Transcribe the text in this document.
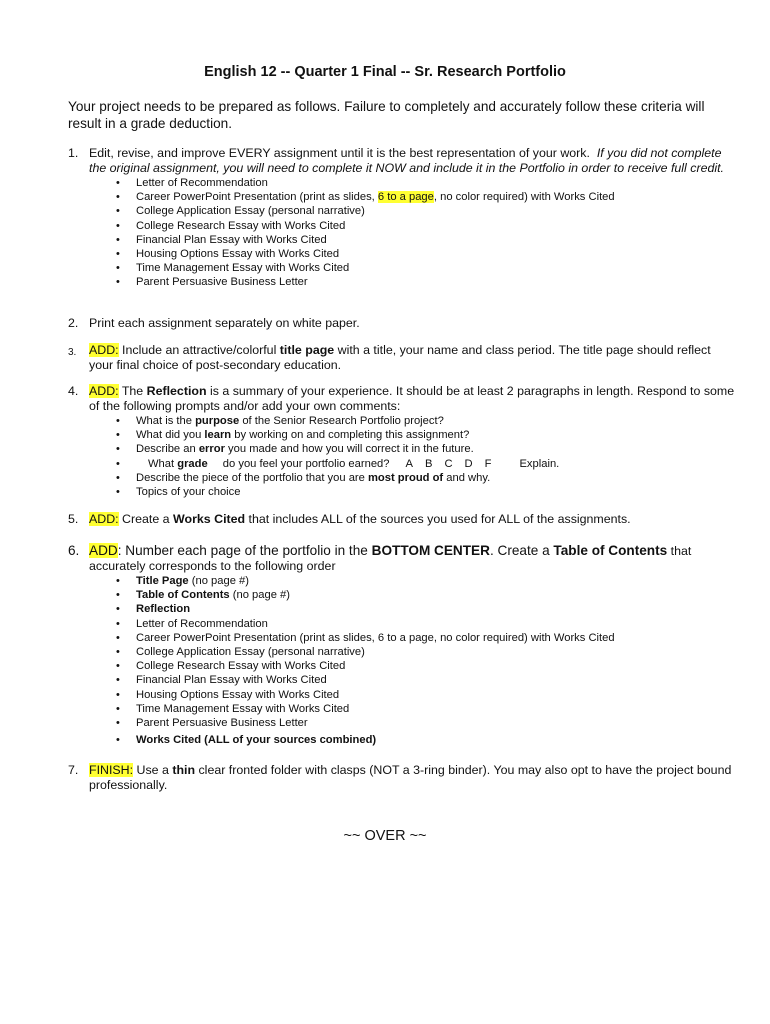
English 12 -- Quarter 1 Final -- Sr. Research Portfolio
Your project needs to be prepared as follows. Failure to completely and accurately follow these criteria will result in a grade deduction.
1. Edit, revise, and improve EVERY assignment until it is the best representation of your work. If you did not complete the original assignment, you will need to complete it NOW and include it in the Portfolio in order to receive full credit.
• Letter of Recommendation
• Career PowerPoint Presentation (print as slides, 6 to a page, no color required) with Works Cited
• College Application Essay (personal narrative)
• College Research Essay with Works Cited
• Financial Plan Essay with Works Cited
• Housing Options Essay with Works Cited
• Time Management Essay with Works Cited
• Parent Persuasive Business Letter
2. Print each assignment separately on white paper.
3. ADD: Include an attractive/colorful title page with a title, your name and class period. The title page should reflect your final choice of post-secondary education.
4. ADD: The Reflection is a summary of your experience. It should be at least 2 paragraphs in length. Respond to some of the following prompts and/or add your own comments:
• What is the purpose of the Senior Research Portfolio project?
• What did you learn by working on and completing this assignment?
• Describe an error you made and how you will correct it in the future.
• What grade do you feel your portfolio earned? A B C D F	Explain.
• Describe the piece of the portfolio that you are most proud of and why.
• Topics of your choice
5. ADD: Create a Works Cited that includes ALL of the sources you used for ALL of the assignments.
6. ADD: Number each page of the portfolio in the BOTTOM CENTER. Create a Table of Contents that accurately corresponds to the following order
• Title Page (no page #)
• Table of Contents (no page #)
• Reflection
• Letter of Recommendation
• Career PowerPoint Presentation (print as slides, 6 to a page, no color required) with Works Cited
• College Application Essay (personal narrative)
• College Research Essay with Works Cited
• Financial Plan Essay with Works Cited
• Housing Options Essay with Works Cited
• Time Management Essay with Works Cited
• Parent Persuasive Business Letter
• Works Cited (ALL of your sources combined)
7. FINISH: Use a thin clear fronted folder with clasps (NOT a 3-ring binder). You may also opt to have the project bound professionally.
~~ OVER ~~
